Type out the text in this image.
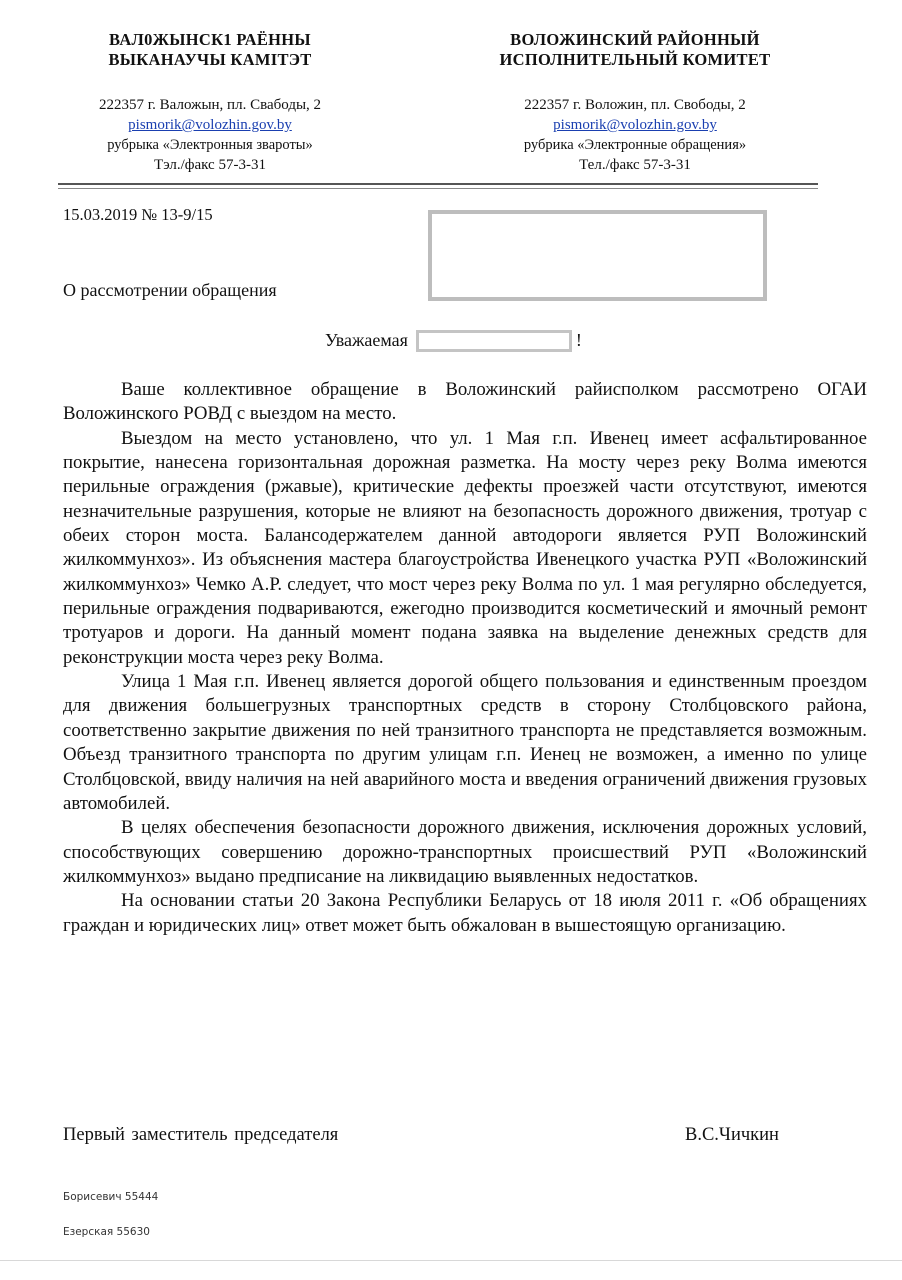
ВАЛ0ЖЫНСК1 РАЁННЫ
ВЫКАНАУЧЫ КАМІТЭТ
222357 г. Валожын, пл. Свабоды, 2
pismorik@volozhin.gov.by
рубрыка «Электронныя звароты»
Тэл./факс 57-3-31
ВОЛОЖИНСКИЙ РАЙОННЫЙ
ИСПОЛНИТЕЛЬНЫЙ КОМИТЕТ
222357 г. Воложин, пл. Свободы, 2
pismorik@volozhin.gov.by
рубрика «Электронные обращения»
Тел./факс 57-3-31
15.03.2019 № 13-9/15
О рассмотрении обращения
Уважаемая	!

Ваше коллективное обращение в Воложинский райисполком рассмотрено ОГАИ Воложинского РОВД с выездом на место.

Выездом на место установлено, что ул. 1 Мая г.п. Ивенец имеет асфальтированное покрытие, нанесена горизонтальная дорожная разметка. На мосту через реку Волма имеются перильные ограждения (ржавые), критические дефекты проезжей части отсутствуют, имеются незначительные разрушения, которые не влияют на безопасность дорожного движения, тротуар с обеих сторон моста. Балансодержателем данной автодороги является РУП Воложинский жилкоммунхоз». Из объяснения мастера благоустройства Ивенецкого участка РУП «Воложинский жилкоммунхоз» Чемко А.Р. следует, что мост через реку Волма по ул. 1 мая регулярно обследуется, перильные ограждения подвариваются, ежегодно производится косметический и ямочный ремонт тротуаров и дороги. На данный момент подана заявка на выделение денежных средств для реконструкции моста через реку Волма.

Улица 1 Мая г.п. Ивенец является дорогой общего пользования и единственным проездом для движения большегрузных транспортных средств в сторону Столбцовского района, соответственно закрытие движения по ней транзитного транспорта не представляется возможным. Объезд транзитного транспорта по другим улицам г.п. Иенец не возможен, а именно по улице Столбцовской, ввиду наличия на ней аварийного моста и введения ограничений движения грузовых автомобилей.

В целях обеспечения безопасности дорожного движения, исключения дорожных условий, способствующих совершению дорожно-транспортных происшествий РУП «Воложинский жилкоммунхоз» выдано предписание на ликвидацию выявленных недостатков.

На основании статьи 20 Закона Республики Беларусь от 18 июля 2011 г. «Об обращениях граждан и юридических лиц» ответ может быть обжалован в вышестоящую организацию.

Первый заместитель председателя	В.С.Чичкин
Борисевич 55444
Езерская 55630
